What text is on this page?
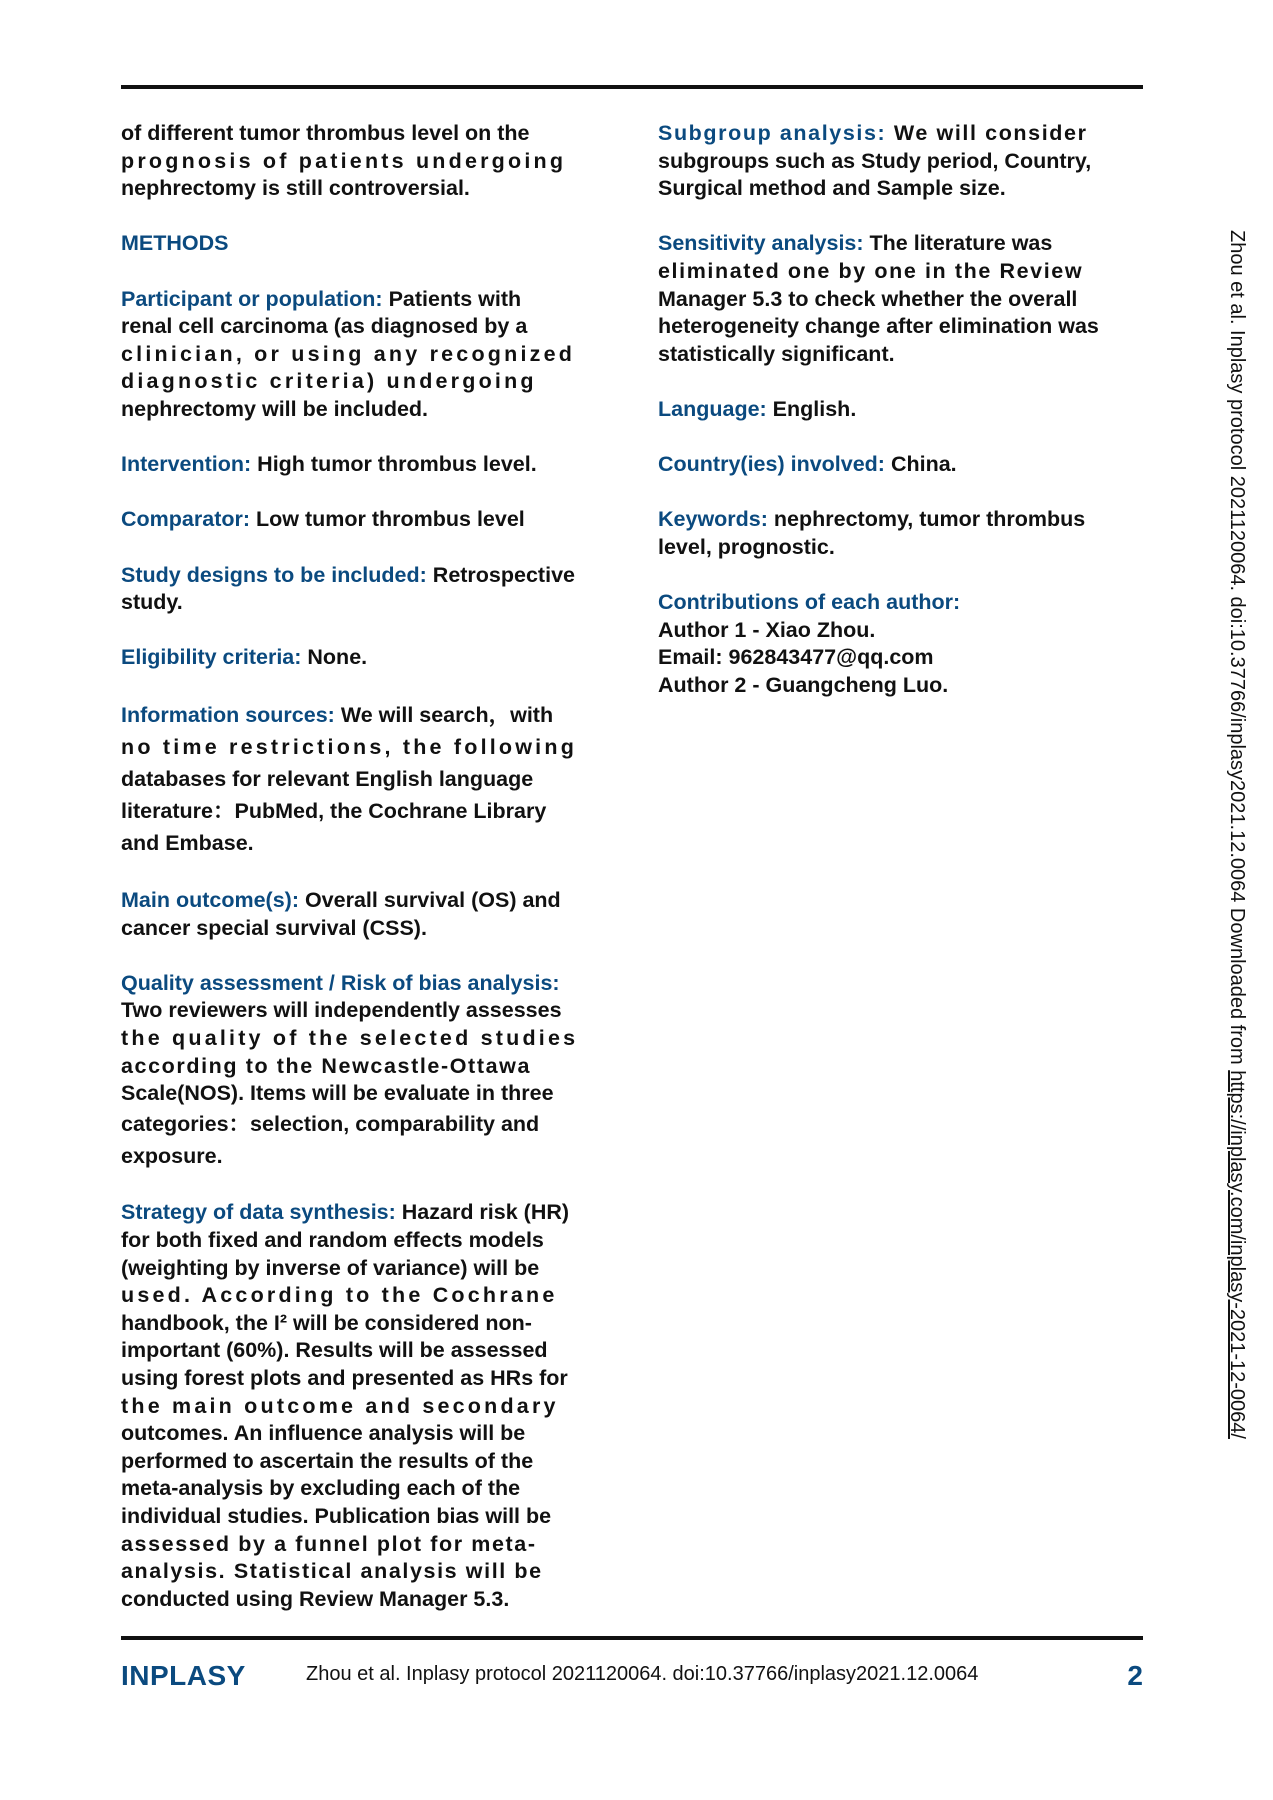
of different tumor thrombus level on the
prognosis of patients undergoing
nephrectomy is still controversial.
METHODS
Participant or population: Patients with
renal cell carcinoma (as diagnosed by a
clinician, or using any recognized
diagnostic criteria) undergoing
nephrectomy will be included.
Intervention: High tumor thrombus level.
Comparator: Low tumor thrombus level
Study designs to be included: Retrospective
study.
Eligibility criteria: None.
Information sources: We will search，with
no time restrictions, the following
databases for relevant English language
literature：PubMed, the Cochrane Library
and Embase.
Main outcome(s): Overall survival (OS) and
cancer special survival (CSS).
Quality assessment / Risk of bias analysis:
Two reviewers will independently assesses
the quality of the selected studies
according to the Newcastle-Ottawa
Scale(NOS). Items will be evaluate in three
categories：selection, comparability and
exposure.
Strategy of data synthesis: Hazard risk (HR)
for both fixed and random effects models
(weighting by inverse of variance) will be
used. According to the Cochrane
handbook, the I² will be considered non-
important (60%). Results will be assessed
using forest plots and presented as HRs for
the main outcome and secondary
outcomes. An influence analysis will be
performed to ascertain the results of the
meta-analysis by excluding each of the
individual studies. Publication bias will be
assessed by a funnel plot for meta-
analysis. Statistical analysis will be
conducted using Review Manager 5.3.
Subgroup analysis: We will consider
subgroups such as Study period, Country,
Surgical method and Sample size.
Sensitivity analysis: The literature was
eliminated one by one in the Review
Manager 5.3 to check whether the overall
heterogeneity change after elimination was
statistically significant.
Language: English.
Country(ies) involved: China.
Keywords: nephrectomy, tumor thrombus
level, prognostic.
Contributions of each author:
Author 1 - Xiao Zhou.
Email: 962843477@qq.com
Author 2 - Guangcheng Luo.
INPLASY	Zhou et al. Inplasy protocol 2021120064. doi:10.37766/inplasy2021.12.0064	2
Zhou et al. Inplasy protocol 2021120064. doi:10.37766/inplasy2021.12.0064 Downloaded from https://inplasy.com/inplasy-2021-12-0064/
